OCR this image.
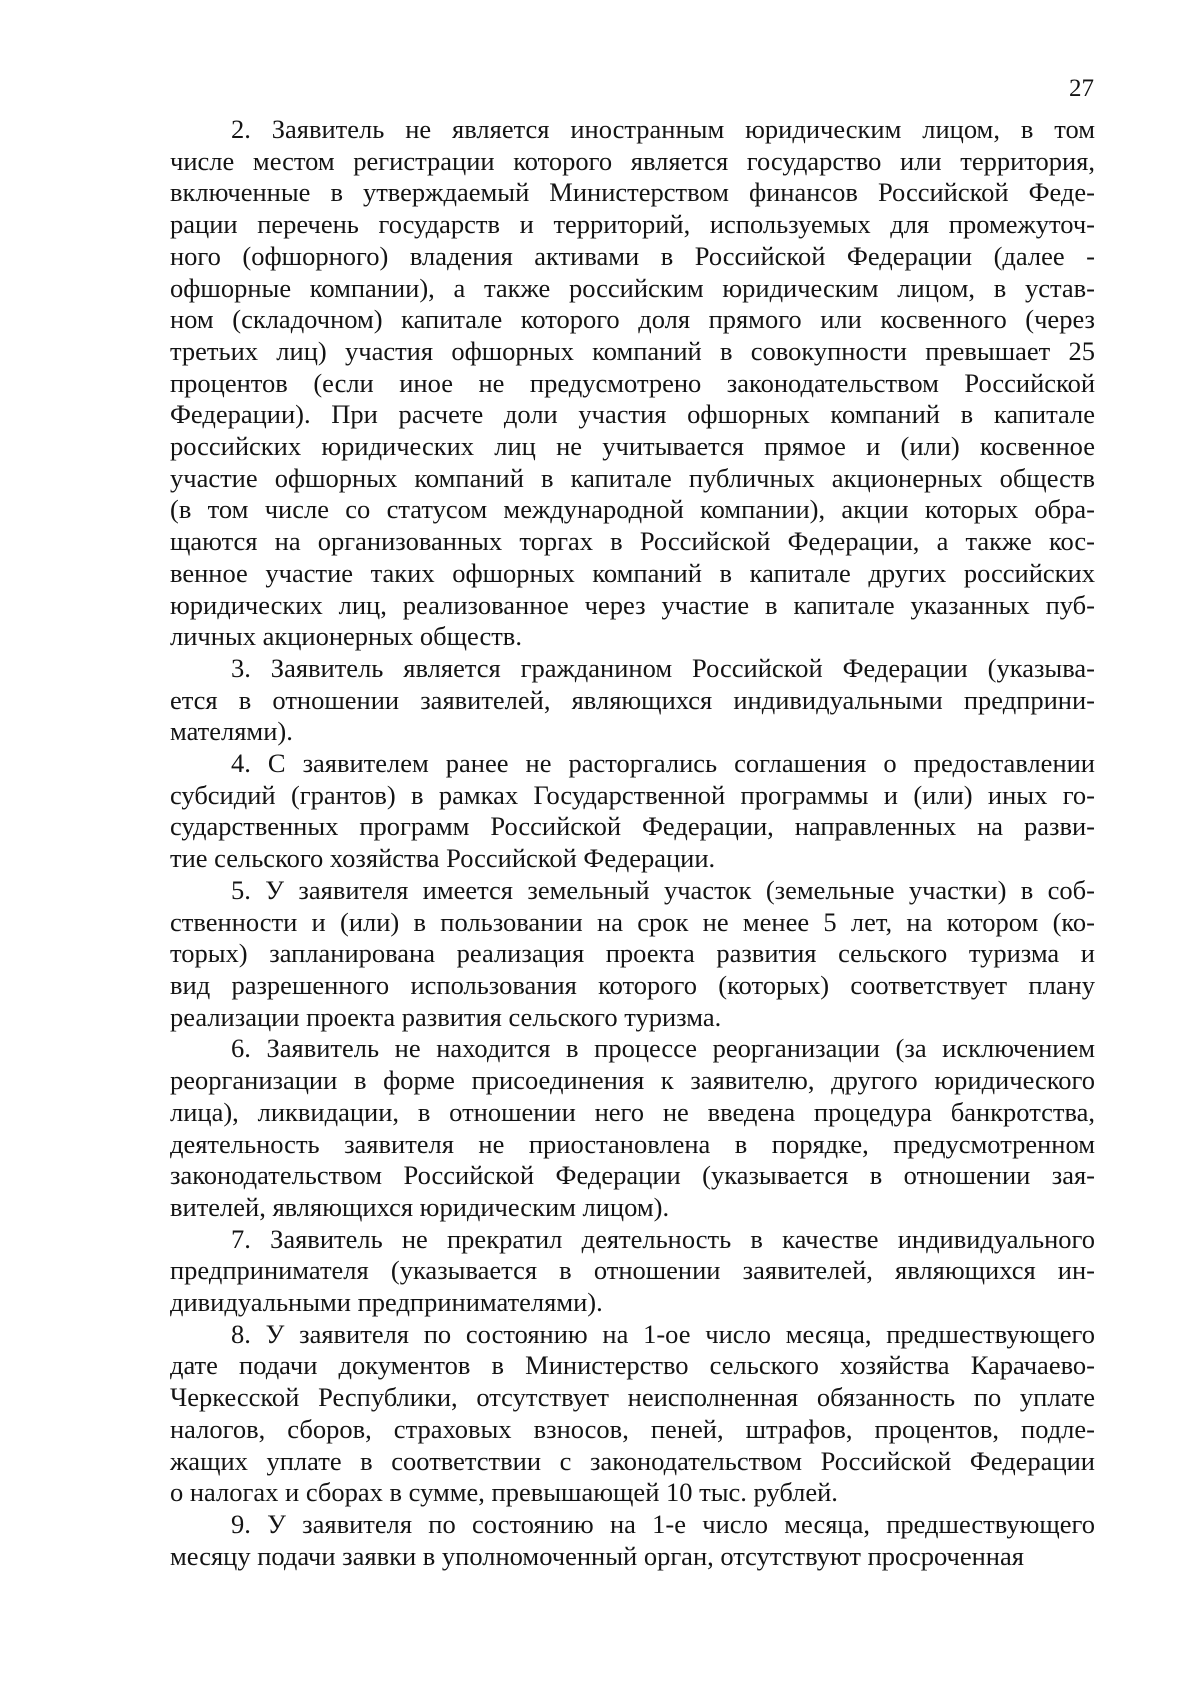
27
2. Заявитель не является иностранным юридическим лицом, в том
числе местом регистрации которого является государство или территория,
включенные в утверждаемый Министерством финансов Российской Феде-
рации перечень государств и территорий, используемых для промежуточ-
ного (офшорного) владения активами в Российской Федерации (далее -
офшорные компании), а также российским юридическим лицом, в устав-
ном (складочном) капитале которого доля прямого или косвенного (через
третьих лиц) участия офшорных компаний в совокупности превышает 25
процентов (если иное не предусмотрено законодательством Российской
Федерации). При расчете доли участия офшорных компаний в капитале
российских юридических лиц не учитывается прямое и (или) косвенное
участие офшорных компаний в капитале публичных акционерных обществ
(в том числе со статусом международной компании), акции которых обра-
щаются на организованных торгах в Российской Федерации, а также кос-
венное участие таких офшорных компаний в капитале других российских
юридических лиц, реализованное через участие в капитале указанных пуб-
личных акционерных обществ.
3. Заявитель является гражданином Российской Федерации (указыва-
ется в отношении заявителей, являющихся индивидуальными предприни-
мателями).
4. С заявителем ранее не расторгались соглашения о предоставлении
субсидий (грантов) в рамках Государственной программы и (или) иных го-
сударственных программ Российской Федерации, направленных на разви-
тие сельского хозяйства Российской Федерации.
5. У заявителя имеется земельный участок (земельные участки) в соб-
ственности и (или) в пользовании на срок не менее 5 лет, на котором (ко-
торых) запланирована реализация проекта развития сельского туризма и
вид разрешенного использования которого (которых) соответствует плану
реализации проекта развития сельского туризма.
6. Заявитель не находится в процессе реорганизации (за исключением
реорганизации в форме присоединения к заявителю, другого юридического
лица), ликвидации, в отношении него не введена процедура банкротства,
деятельность заявителя не приостановлена в порядке, предусмотренном
законодательством Российской Федерации (указывается в отношении зая-
вителей, являющихся юридическим лицом).
7. Заявитель не прекратил деятельность в качестве индивидуального
предпринимателя (указывается в отношении заявителей, являющихся ин-
дивидуальными предпринимателями).
8. У заявителя по состоянию на 1-ое число месяца, предшествующего
дате подачи документов в Министерство сельского хозяйства Карачаево-
Черкесской Республики, отсутствует неисполненная обязанность по уплате
налогов, сборов, страховых взносов, пеней, штрафов, процентов, подле-
жащих уплате в соответствии с законодательством Российской Федерации
о налогах и сборах в сумме, превышающей 10 тыс. рублей.
9. У заявителя по состоянию на 1-е число месяца, предшествующего
месяцу подачи заявки в уполномоченный орган, отсутствуют просроченная
